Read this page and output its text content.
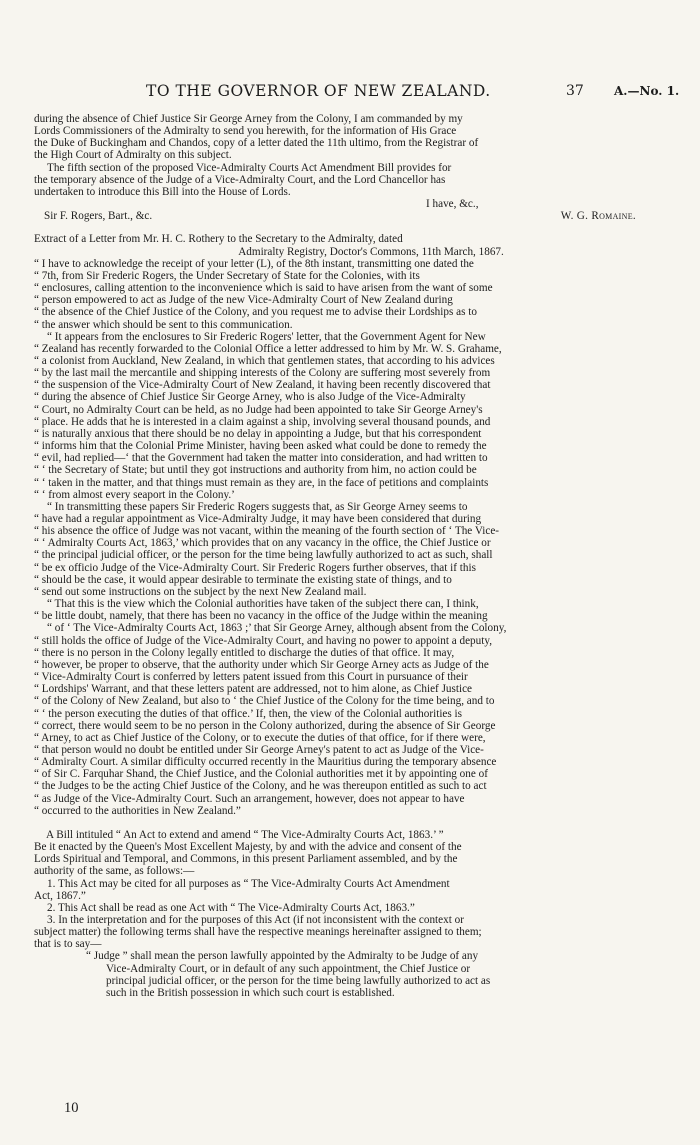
TO THE GOVERNOR OF NEW ZEALAND.	37	A.—No. 1.

during the absence of Chief Justice Sir George Arney from the Colony, I am commanded by my

Lords Commissioners of the Admiralty to send you herewith, for the information of His Grace

the Duke of Buckingham and Chandos, copy of a letter dated the 11th ultimo, from the Registrar of

the High Court of Admiralty on this subject.

The fifth section of the proposed Vice-Admiralty Courts Act Amendment Bill provides for

the temporary absence of the Judge of a Vice-Admiralty Court, and the Lord Chancellor has

undertaken to introduce this Bill into the House of Lords.

I have, &c.,
Sir F. Rogers, Bart., &c.	W. G. Romaine.

Extract of a Letter from Mr. H. C. Rothery to the Secretary to the Admiralty, dated

Admiralty Registry, Doctor's Commons, 11th March, 1867.

“ I have to acknowledge the receipt of your letter (L), of the 8th instant, transmitting one dated the

“ 7th, from Sir Frederic Rogers, the Under Secretary of State for the Colonies, with its

“ enclosures, calling attention to the inconvenience which is said to have arisen from the want of some

“ person empowered to act as Judge of the new Vice-Admiralty Court of New Zealand during

“ the absence of the Chief Justice of the Colony, and you request me to advise their Lordships as to

“ the answer which should be sent to this communication.

“ It appears from the enclosures to Sir Frederic Rogers' letter, that the Government Agent for New

“ Zealand has recently forwarded to the Colonial Office a letter addressed to him by Mr. W. S. Grahame,

“ a colonist from Auckland, New Zealand, in which that gentlemen states, that according to his advices

“ by the last mail the mercantile and shipping interests of the Colony are suffering most severely from

“ the suspension of the Vice-Admiralty Court of New Zealand, it having been recently discovered that

“ during the absence of Chief Justice Sir George Arney, who is also Judge of the Vice-Admiralty

“ Court, no Admiralty Court can be held, as no Judge had been appointed to take Sir George Arney's

“ place. He adds that he is interested in a claim against a ship, involving several thousand pounds, and

“ is naturally anxious that there should be no delay in appointing a Judge, but that his correspondent

“ informs him that the Colonial Prime Minister, having been asked what could be done to remedy the

“ evil, had replied—‘ that the Government had taken the matter into consideration, and had written to

“ ‘ the Secretary of State; but until they got instructions and authority from him, no action could be

“ ‘ taken in the matter, and that things must remain as they are, in the face of petitions and complaints

“ ‘ from almost every seaport in the Colony.’

“ In transmitting these papers Sir Frederic Rogers suggests that, as Sir George Arney seems to

“ have had a regular appointment as Vice-Admiralty Judge, it may have been considered that during

“ his absence the office of Judge was not vacant, within the meaning of the fourth section of ‘ The Vice-

“ ‘ Admiralty Courts Act, 1863,’ which provides that on any vacancy in the office, the Chief Justice or

“ the principal judicial officer, or the person for the time being lawfully authorized to act as such, shall

“ be ex officio Judge of the Vice-Admiralty Court. Sir Frederic Rogers further observes, that if this

“ should be the case, it would appear desirable to terminate the existing state of things, and to

“ send out some instructions on the subject by the next New Zealand mail.

“ That this is the view which the Colonial authorities have taken of the subject there can, I think,

“ be little doubt, namely, that there has been no vacancy in the office of the Judge within the meaning

“ of ‘ The Vice-Admiralty Courts Act, 1863 ;’ that Sir George Arney, although absent from the Colony,

“ still holds the office of Judge of the Vice-Admiralty Court, and having no power to appoint a deputy,

“ there is no person in the Colony legally entitled to discharge the duties of that office. It may,

“ however, be proper to observe, that the authority under which Sir George Arney acts as Judge of the

“ Vice-Admiralty Court is conferred by letters patent issued from this Court in pursuance of their

“ Lordships' Warrant, and that these letters patent are addressed, not to him alone, as Chief Justice

“ of the Colony of New Zealand, but also to ‘ the Chief Justice of the Colony for the time being, and to

“ ‘ the person executing the duties of that office.’ If, then, the view of the Colonial authorities is

“ correct, there would seem to be no person in the Colony authorized, during the absence of Sir George

“ Arney, to act as Chief Justice of the Colony, or to execute the duties of that office, for if there were,

“ that person would no doubt be entitled under Sir George Arney's patent to act as Judge of the Vice-

“ Admiralty Court. A similar difficulty occurred recently in the Mauritius during the temporary absence

“ of Sir C. Farquhar Shand, the Chief Justice, and the Colonial authorities met it by appointing one of

“ the Judges to be the acting Chief Justice of the Colony, and he was thereupon entitled as such to act

“ as Judge of the Vice-Admiralty Court. Such an arrangement, however, does not appear to have

“ occurred to the authorities in New Zealand.”

A Bill intituled “ An Act to extend and amend “ The Vice-Admiralty Courts Act, 1863.’ ”

Be it enacted by the Queen's Most Excellent Majesty, by and with the advice and consent of the

Lords Spiritual and Temporal, and Commons, in this present Parliament assembled, and by the

authority of the same, as follows:—

1. This Act may be cited for all purposes as “ The Vice-Admiralty Courts Act Amendment

Act, 1867.”

2. This Act shall be read as one Act with “ The Vice-Admiralty Courts Act, 1863.”

3. In the interpretation and for the purposes of this Act (if not inconsistent with the context or

subject matter) the following terms shall have the respective meanings hereinafter assigned to them;

that is to say—

“ Judge ” shall mean the person lawfully appointed by the Admiralty to be Judge of any

Vice-Admiralty Court, or in default of any such appointment, the Chief Justice or

principal judicial officer, or the person for the time being lawfully authorized to act as

such in the British possession in which such court is established.

10
